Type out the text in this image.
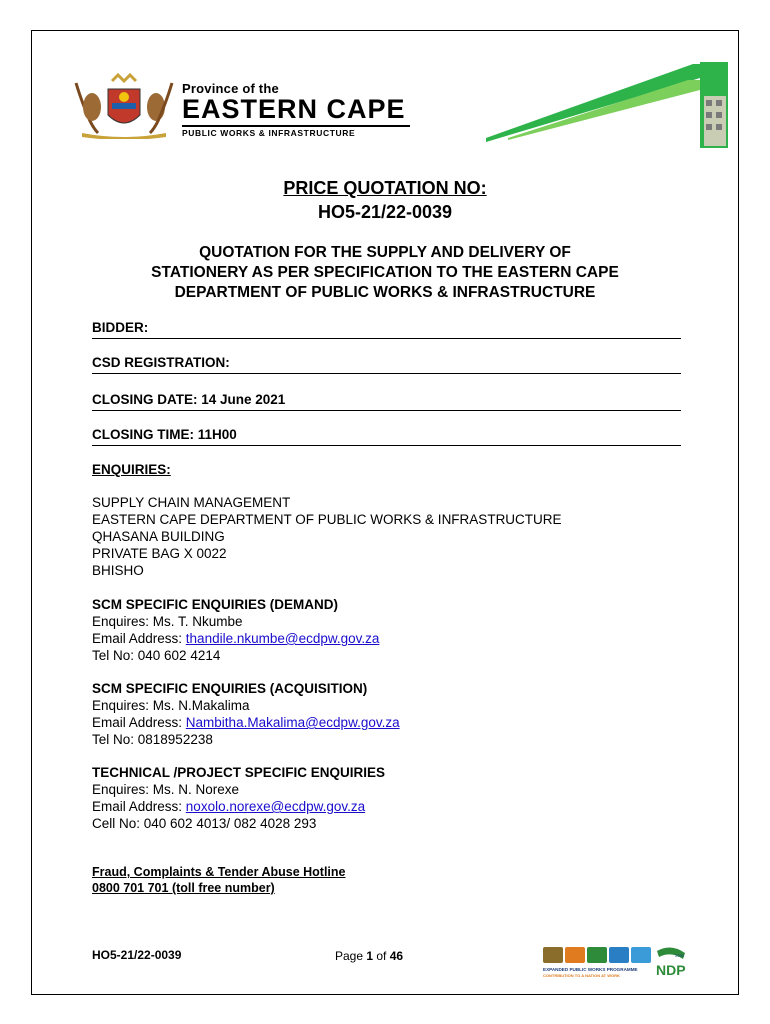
Province of the
EASTERN CAPE
PUBLIC WORKS & INFRASTRUCTURE
PRICE QUOTATION NO:
HO5-21/22-0039
QUOTATION FOR THE SUPPLY AND DELIVERY OF STATIONERY AS PER SPECIFICATION TO THE EASTERN CAPE DEPARTMENT OF PUBLIC WORKS & INFRASTRUCTURE
BIDDER:
CSD REGISTRATION:
CLOSING DATE: 14 June 2021
CLOSING TIME: 11H00
ENQUIRIES:
SUPPLY CHAIN MANAGEMENT
EASTERN CAPE DEPARTMENT OF PUBLIC WORKS & INFRASTRUCTURE
QHASANA BUILDING
PRIVATE BAG X 0022
BHISHO
SCM SPECIFIC ENQUIRIES (DEMAND)
Enquires: Ms. T. Nkumbe
Email Address: thandile.nkumbe@ecdpw.gov.za
Tel No: 040 602 4214
SCM SPECIFIC ENQUIRIES (ACQUISITION)
Enquires: Ms. N.Makalima
Email Address: Nambitha.Makalima@ecdpw.gov.za
Tel No: 0818952238
TECHNICAL /PROJECT SPECIFIC ENQUIRIES
Enquires: Ms. N. Norexe
Email Address: noxolo.norexe@ecdpw.gov.za
Cell No: 040 602 4013/ 082 4028 293
Fraud, Complaints & Tender Abuse Hotline
0800 701 701 (toll free number)
HO5-21/22-0039	Page 1 of 46
EXPANDED PUBLIC WORKS PROGRAMME
CONTRIBUTION TO A NATION AT WORK
2030
NDP
